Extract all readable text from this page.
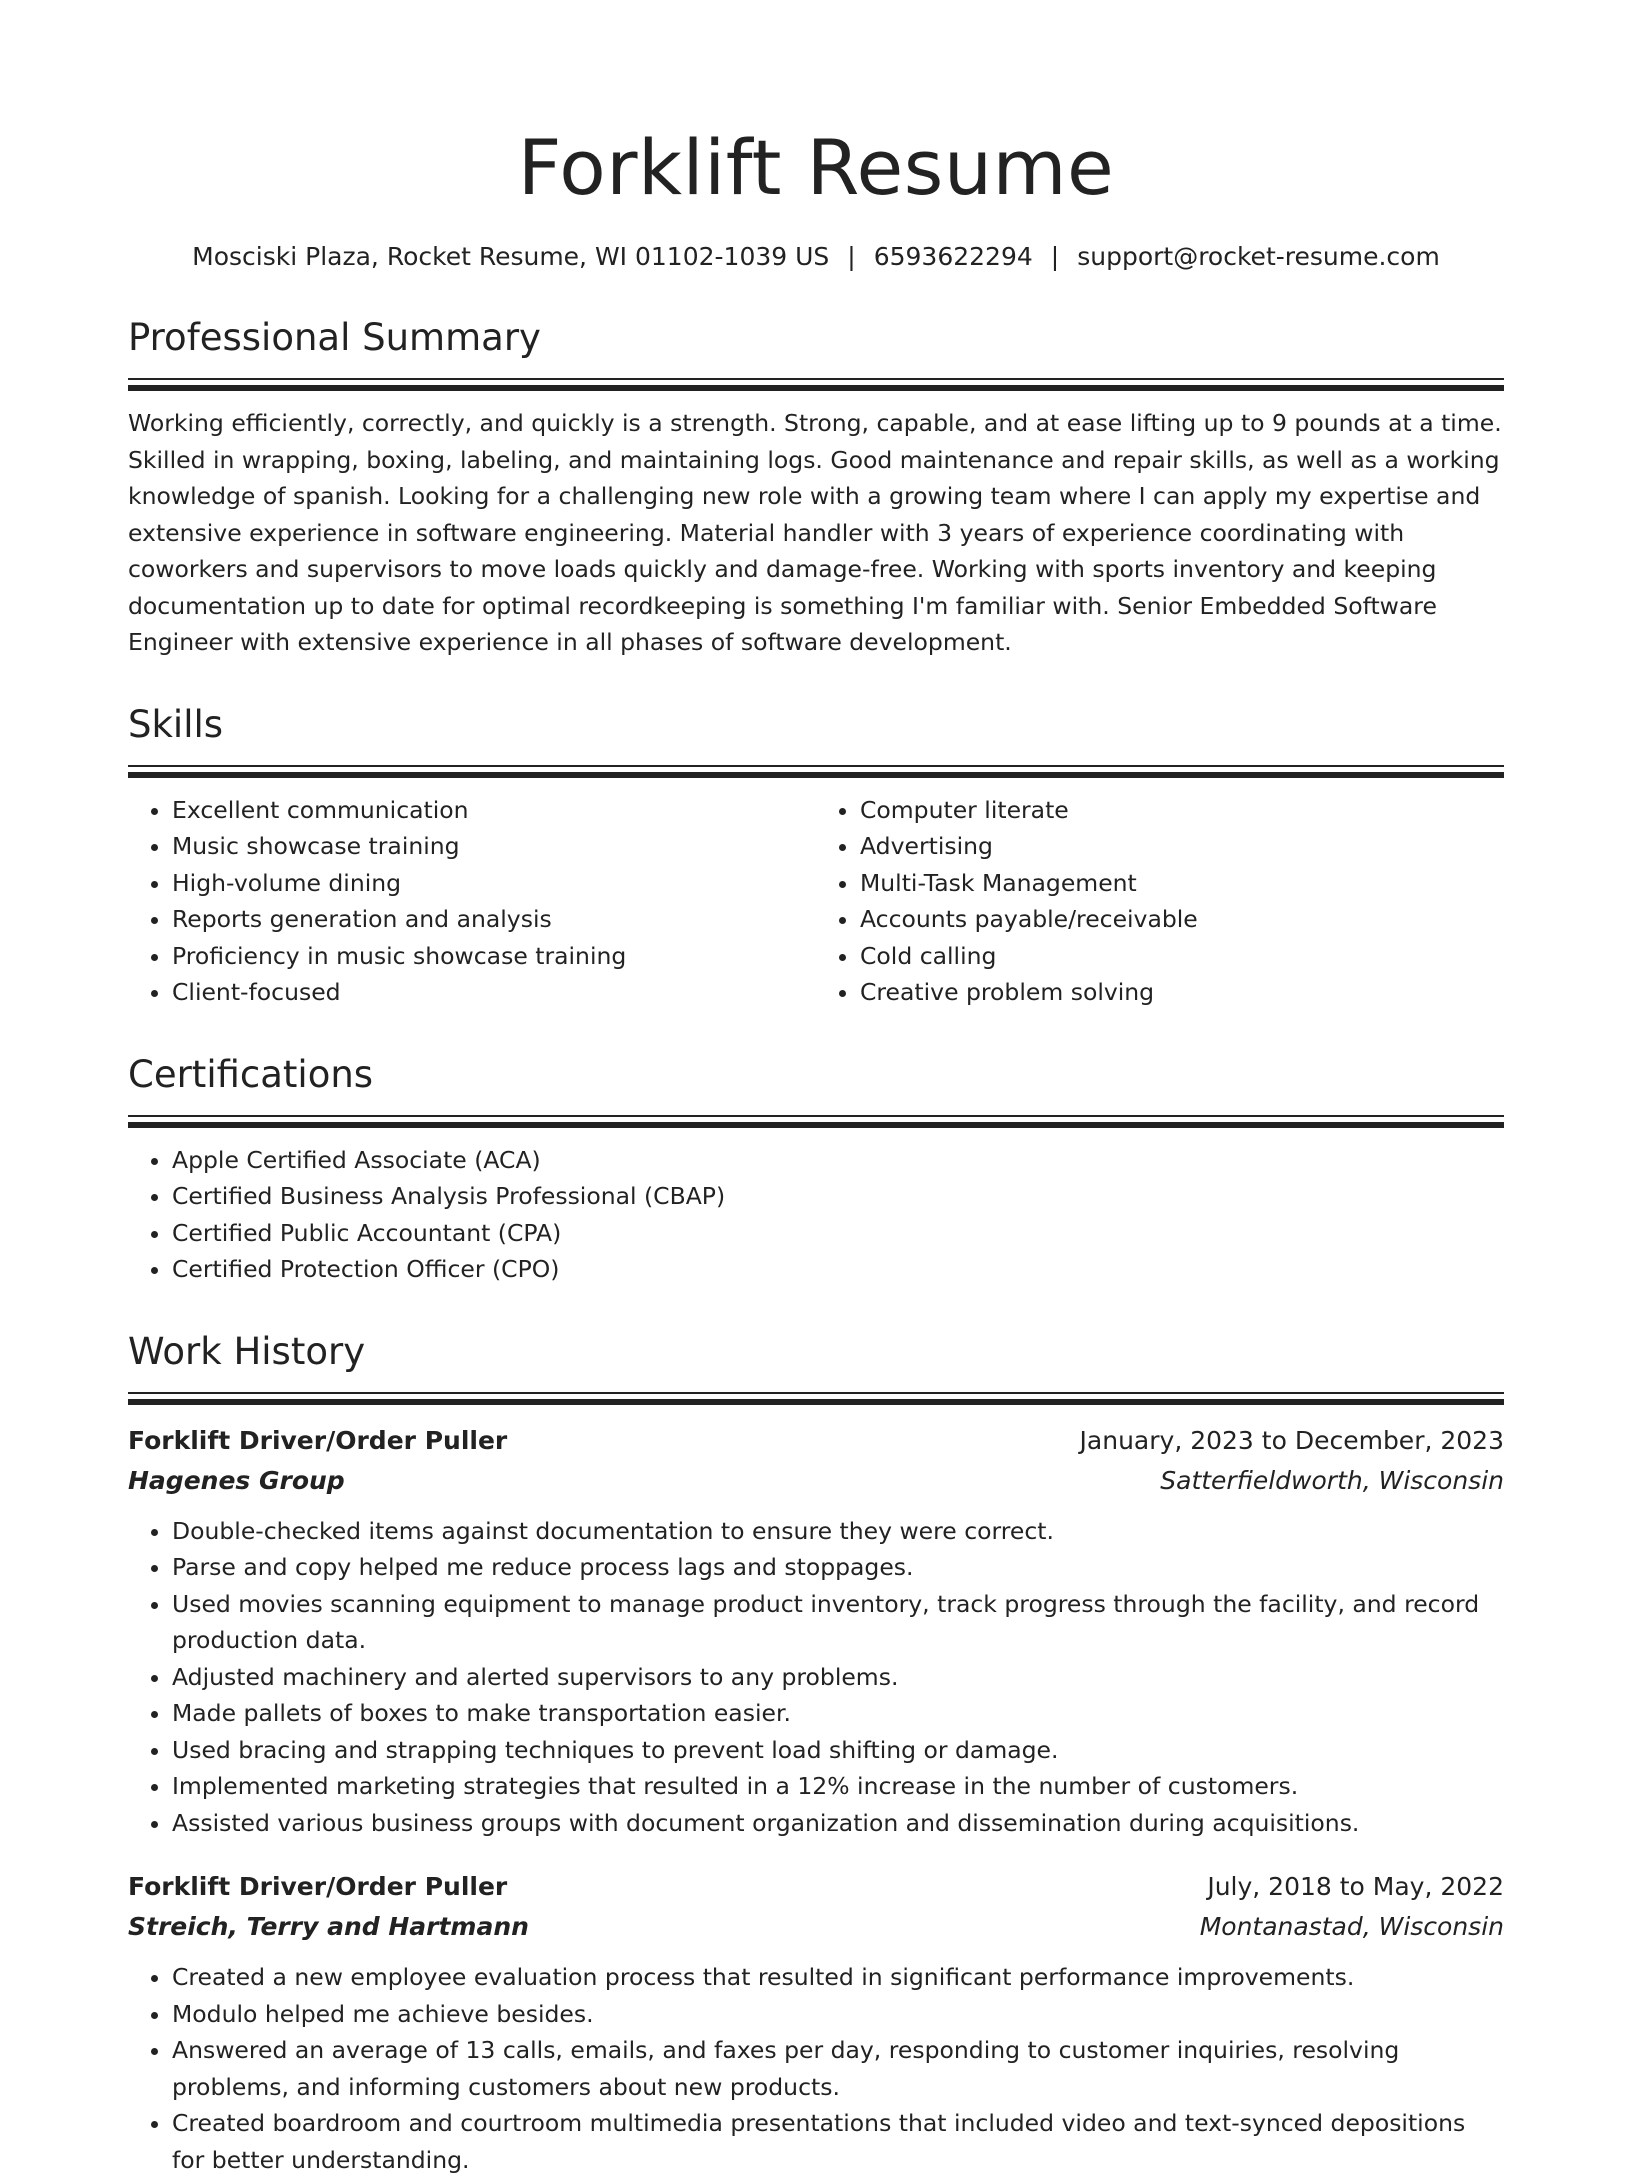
Forklift Resume
Mosciski Plaza, Rocket Resume, WI 01102-1039 US | 6593622294 | support@rocket-resume.com
Professional Summary
Working efficiently, correctly, and quickly is a strength. Strong, capable, and at ease lifting up to 9 pounds at a time. Skilled in wrapping, boxing, labeling, and maintaining logs. Good maintenance and repair skills, as well as a working knowledge of spanish. Looking for a challenging new role with a growing team where I can apply my expertise and extensive experience in software engineering. Material handler with 3 years of experience coordinating with coworkers and supervisors to move loads quickly and damage-free. Working with sports inventory and keeping documentation up to date for optimal recordkeeping is something I'm familiar with. Senior Embedded Software Engineer with extensive experience in all phases of software development.
Skills
• Excellent communication
• Music showcase training
• High-volume dining
• Reports generation and analysis
• Proficiency in music showcase training
• Client-focused
• Computer literate
• Advertising
• Multi-Task Management
• Accounts payable/receivable
• Cold calling
• Creative problem solving
Certifications
• Apple Certified Associate (ACA)
• Certified Business Analysis Professional (CBAP)
• Certified Public Accountant (CPA)
• Certified Protection Officer (CPO)
Work History
Forklift Driver/Order Puller	January, 2023 to December, 2023
Hagenes Group	Satterfieldworth, Wisconsin
• Double-checked items against documentation to ensure they were correct.
• Parse and copy helped me reduce process lags and stoppages.
• Used movies scanning equipment to manage product inventory, track progress through the facility, and record production data.
• Adjusted machinery and alerted supervisors to any problems.
• Made pallets of boxes to make transportation easier.
• Used bracing and strapping techniques to prevent load shifting or damage.
• Implemented marketing strategies that resulted in a 12% increase in the number of customers.
• Assisted various business groups with document organization and dissemination during acquisitions.
Forklift Driver/Order Puller	July, 2018 to May, 2022
Streich, Terry and Hartmann	Montanastad, Wisconsin
• Created a new employee evaluation process that resulted in significant performance improvements.
• Modulo helped me achieve besides.
• Answered an average of 13 calls, emails, and faxes per day, responding to customer inquiries, resolving problems, and informing customers about new products.
• Created boardroom and courtroom multimedia presentations that included video and text-synced depositions for better understanding.
